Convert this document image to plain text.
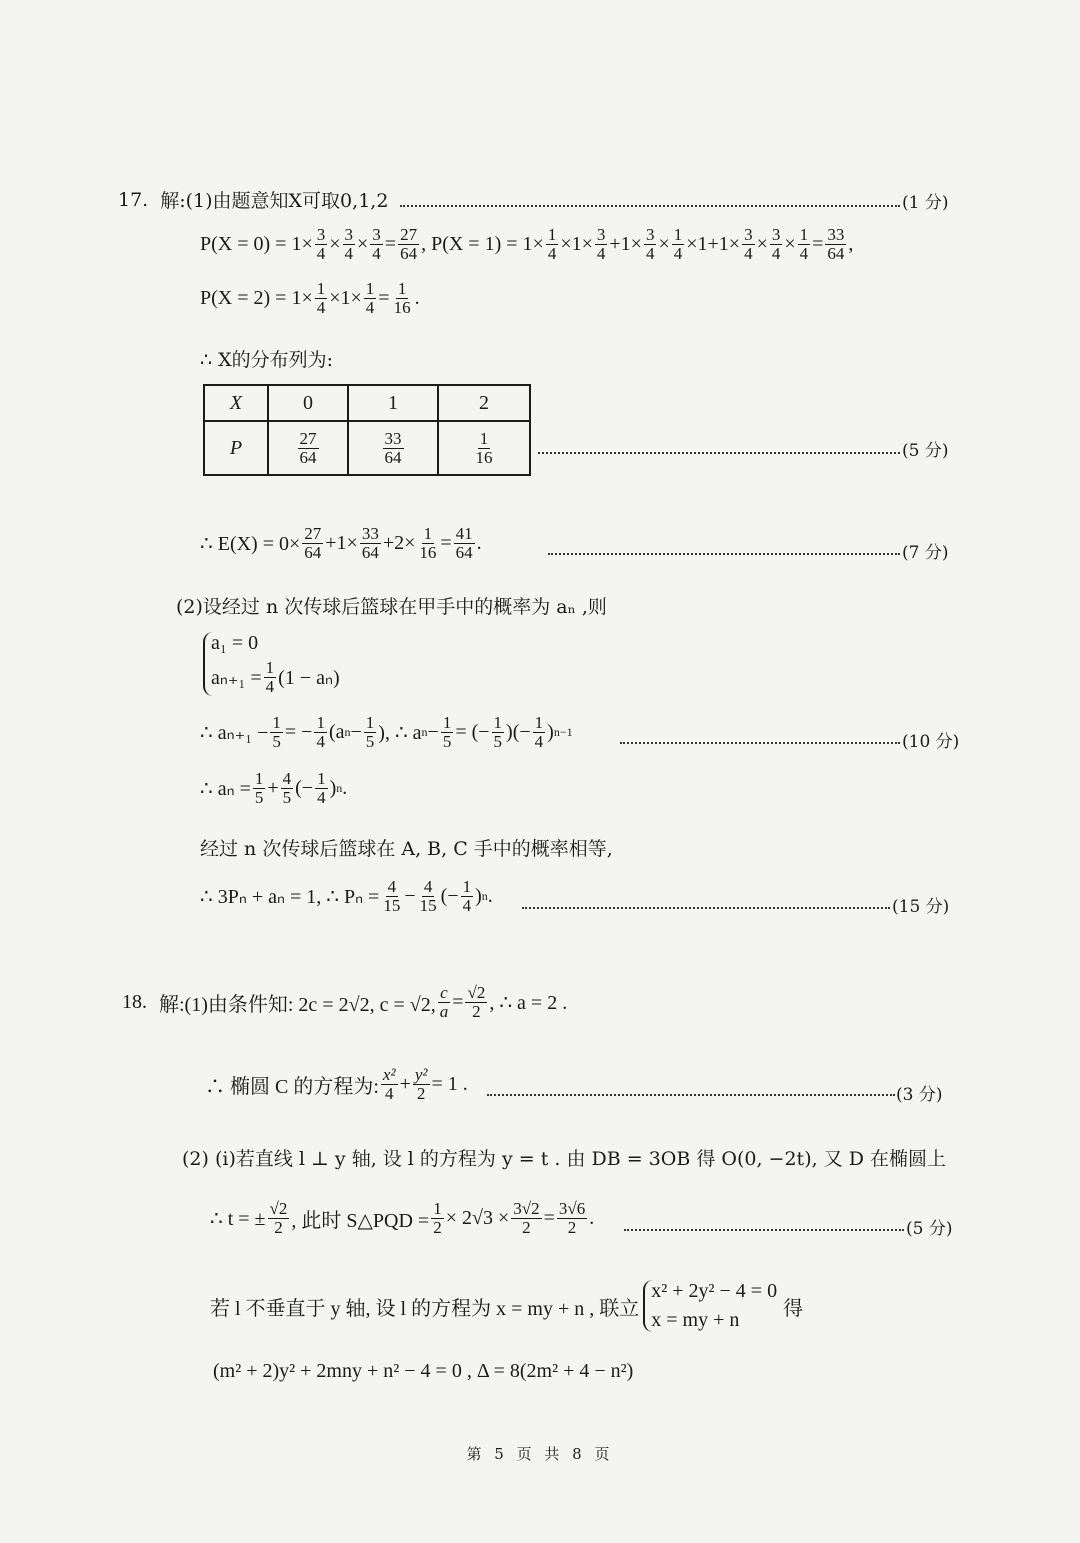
17. 解:(1)由题意知X可取0,1,2	(1 分)
$P(X = 0) = 1\times \frac{3}{4} \times \frac{3}{4} \times \frac{3}{4} = \frac{27}{64}$ , $P(X = 1) = 1\times \frac{1}{4} \times 1\times \frac{3}{4} +1\times \frac{3}{4} \times \frac{1}{4} \times 1+1\times \frac{3}{4} \times \frac{3}{4} \times \frac{1}{4} = \frac{33}{64}$ ,
$P(X = 2) = 1\times \frac{1}{4} \times 1\times \frac{1}{4} = \frac{1}{16}$ .
∴ X的分布列为:
X	0	1	2
P	$\frac{27}{64}$	$\frac{33}{64}$	$\frac{1}{16}$	(5 分)
∴ $E(X) = 0\times \frac{27}{64} +1\times \frac{33}{64} +2\times \frac{1}{16} = \frac{41}{64}$ .	(7 分)
(2)设经过 n 次传球后篮球在甲手中的概率为 aₙ ,则
a₁ = 0
$a_{n+1} = \frac{1}{4} (1 - a_n)$
∴ $a_{n+1} - \frac{1}{5}$ = − $\frac{1}{4} (a$ $n - \frac{1}{5}$ ), ∴ a $n - \frac{1}{5}$ = (− $\frac{1}{5}$ )(− $\frac{1}{4}$ ) n−1
(10 分)
∴ $a_n = \frac{1}{5} + \frac{4}{5}$ (− $\frac{1}{4}$ ) n .
经过 n 次传球后篮球在 A, B, C 手中的概率相等,
∴ 3Pₙ + aₙ = 1, ∴ $P_n = \frac{4}{15} - \frac{4}{15}$ (− $\frac{1}{4}$ ) n .
(15 分)
18. 解:(1)由条件知: 2c = 2√2, c = √2, $\frac{c}{a} = \frac{√2}{2}$ , ∴ a = 2 .
∴ 椭圆 C 的方程为: $\frac{\text{x²}}{4} + \frac{\text{y²}}{2} = 1$ .
(3 分)
(2) (i)若直线 l ⊥ y 轴, 设 l 的方程为 y = t . 由 DB = 3OB 得 O(0, −2t), 又 D 在椭圆上
∴ t = ± $\frac{√2}{2}$ , 此时 S△PQD = $\frac{1}{2} \times 2√3 \times \frac{3√2}{2} = \frac{3√6}{2}$ .
(5 分)
若 l 不垂直于 y 轴, 设 l 的方程为 x = my + n , 联立
x² + 2y² − 4 = 0
x = my + n
得
(m² + 2)y² + 2mny + n² − 4 = 0 , Δ = 8(2m² + 4 − n²)
第 5 页 共 8 页
